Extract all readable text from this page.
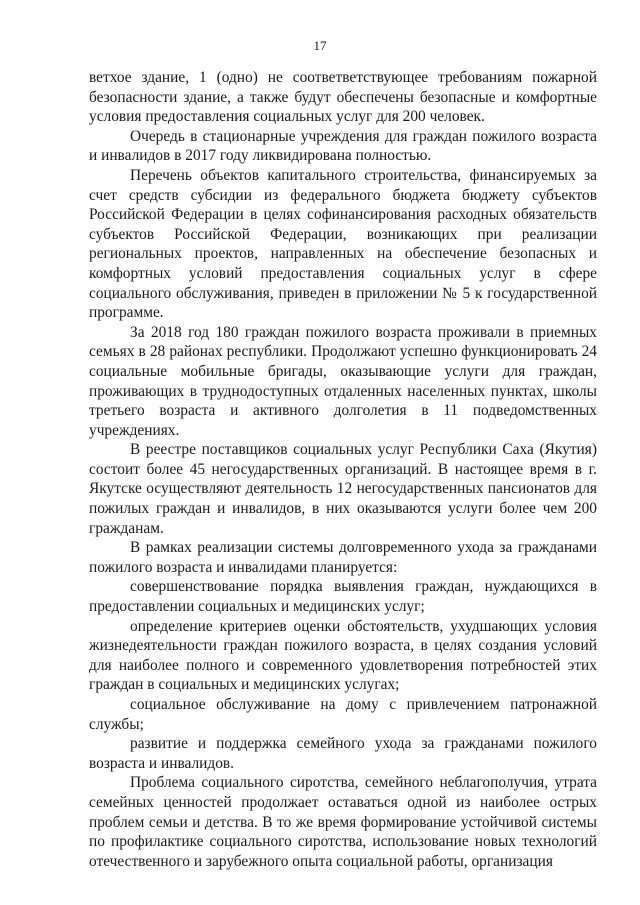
17

ветхое здание, 1 (одно) не соответветствующее требованиям пожарной безопасности здание, а также будут обеспечены безопасные и комфортные условия предоставления социальных услуг для 200 человек.

Очередь в стационарные учреждения для граждан пожилого возраста и инвалидов в 2017 году ликвидирована полностью.

Перечень объектов капитального строительства, финансируемых за счет средств субсидии из федерального бюджета бюджету субъектов Российской Федерации в целях софинансирования расходных обязательств субъектов Российской Федерации, возникающих при реализации региональных проектов, направленных на обеспечение безопасных и комфортных условий предоставления социальных услуг в сфере социального обслуживания, приведен в приложении № 5 к государственной программе.

За 2018 год 180 граждан пожилого возраста проживали в приемных семьях в 28 районах республики. Продолжают успешно функционировать 24 социальные мобильные бригады, оказывающие услуги для граждан, проживающих в труднодоступных отдаленных населенных пунктах, школы третьего возраста и активного долголетия в 11 подведомственных учреждениях.

В реестре поставщиков социальных услуг Республики Саха (Якутия) состоит более 45 негосударственных организаций. В настоящее время в г. Якутске осуществляют деятельность 12 негосударственных пансионатов для пожилых граждан и инвалидов, в них оказываются услуги более чем 200 гражданам.

В рамках реализации системы долговременного ухода за гражданами пожилого возраста и инвалидами планируется:

совершенствование порядка выявления граждан, нуждающихся в предоставлении социальных и медицинских услуг;

определение критериев оценки обстоятельств, ухудшающих условия жизнедеятельности граждан пожилого возраста, в целях создания условий для наиболее полного и современного удовлетворения потребностей этих граждан в социальных и медицинских услугах;

социальное обслуживание на дому с привлечением патронажной службы;

развитие и поддержка семейного ухода за гражданами пожилого возраста и инвалидов.

Проблема социального сиротства, семейного неблагополучия, утрата семейных ценностей продолжает оставаться одной из наиболее острых проблем семьи и детства. В то же время формирование устойчивой системы по профилактике социального сиротства, использование новых технологий отечественного и зарубежного опыта социальной работы, организация
